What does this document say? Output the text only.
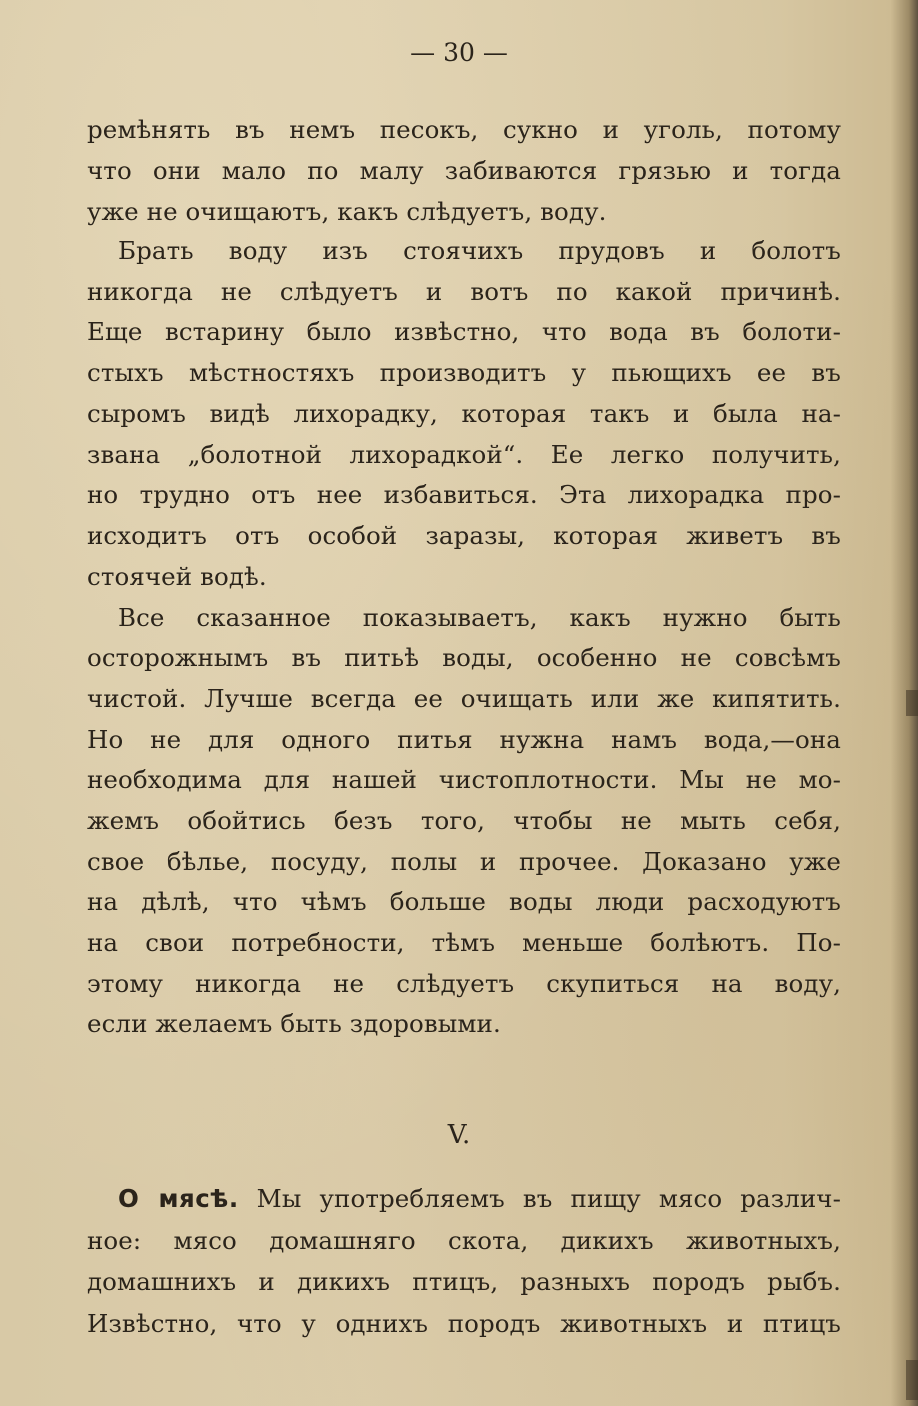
— 30 —
ремѣнять въ немъ песокъ, сукно и уголь, потому
что они мало по малу забиваются грязью и тогда
уже не очищаютъ, какъ слѣдуетъ, воду.
Брать воду изъ стоячихъ прудовъ и болотъ
никогда не слѣдуетъ и вотъ по какой причинѣ.
Еще встарину было извѣстно, что вода въ болоти-
стыхъ мѣстностяхъ производитъ у пьющихъ ее въ
сыромъ видѣ лихорадку, которая такъ и была на-
звана „болотной лихорадкой“. Ее легко получить,
но трудно отъ нее избавиться. Эта лихорадка про-
исходитъ отъ особой заразы, которая живетъ въ
стоячей водѣ.
Все сказанное показываетъ, какъ нужно быть
осторожнымъ въ питьѣ воды, особенно не совсѣмъ
чистой. Лучше всегда ее очищать или же кипятить.
Но не для одного питья нужна намъ вода,—она
необходима для нашей чистоплотности. Мы не мо-
жемъ обойтись безъ того, чтобы не мыть себя,
свое бѣлье, посуду, полы и прочее. Доказано уже
на дѣлѣ, что чѣмъ больше воды люди расходуютъ
на свои потребности, тѣмъ меньше болѣютъ. По-
этому никогда не слѣдуетъ скупиться на воду,
если желаемъ быть здоровыми.
V.
О мясѣ. Мы употребляемъ въ пищу мясо различ-
ное: мясо домашняго скота, дикихъ животныхъ,
домашнихъ и дикихъ птицъ, разныхъ породъ рыбъ.
Извѣстно, что у однихъ породъ животныхъ и птицъ
